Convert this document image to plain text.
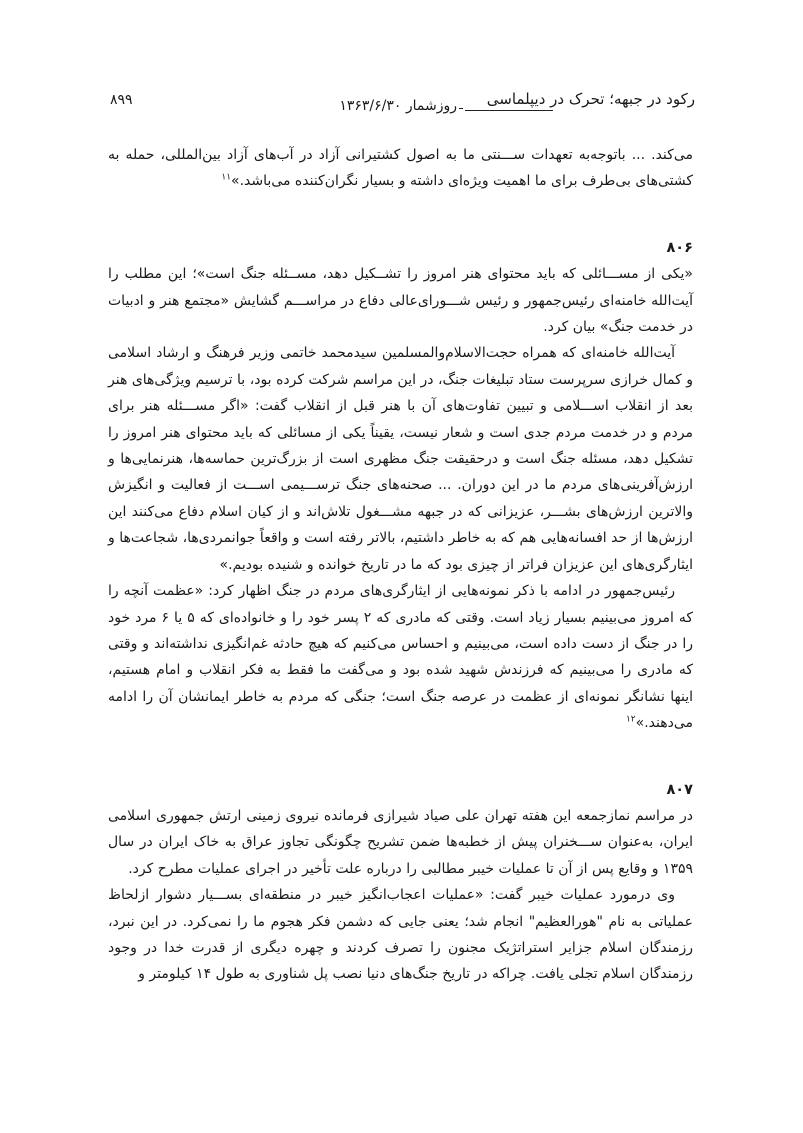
رکود در جبهه؛ تحرک در دیپلماسی
روزشمار ۱۳۶۳/۶/۳۰
۸۹۹

می‌کند. ... باتوجه‌به تعهدات ســـنتی ما به اصول کشتیرانی آزاد در آب‌های آزاد بین‌المللی، حمله به کشتی‌های بی‌طرف برای ما اهمیت ویژه‌ای داشته و بسیار نگران‌کننده می‌باشد.»$^{۱۱}$

۸۰۶

«یکی از مســـائلی که باید محتوای هنر امروز را تشــکیل دهد، مســئله جنگ است»؛ این مطلب را آیت‌الله خامنه‌ای رئیس‌جمهور و رئیس شـــورای‌عالی دفاع در مراســـم گشایش «مجتمع هنر و ادبیات در خدمت جنگ» بیان کرد.

آیت‌الله خامنه‌ای که همراه حجت‌الاسلام‌والمسلمین سیدمحمد خاتمی وزیر فرهنگ و ارشاد اسلامی و کمال خرازی سرپرست ستاد تبلیغات جنگ، در این مراسم شرکت کرده بود، با ترسیم ویژگی‌های هنر بعد از انقلاب اســـلامی و تبیین تفاوت‌های آن با هنر قبل از انقلاب گفت: «اگر مســـئله هنر برای مردم و در خدمت مردم جدی است و شعار نیست، یقیناً یکی از مسائلی که باید محتوای هنر امروز را تشکیل دهد، مسئله جنگ است و درحقیقت جنگ مظهری است از بزرگ‌ترین حماسه‌ها، هنرنمایی‌ها و ارزش‌آفرینی‌های مردم ما در این دوران. ... صحنه‌های جنگ ترســـیمی اســـت از فعالیت و انگیزش والاترین ارزش‌های بشـــر، عزیزانی که در جبهه مشـــغول تلاش‌اند و از کیان اسلام دفاع می‌کنند این ارزش‌ها از حد افسانه‌هایی هم که به خاطر داشتیم، بالاتر رفته است و واقعاً جوانمردی‌ها، شجاعت‌ها و ایثارگری‌های این عزیزان فراتر از چیزی بود که ما در تاریخ خوانده و شنیده بودیم.»

رئیس‌جمهور در ادامه با ذکر نمونه‌هایی از ایثارگری‌های مردم در جنگ اظهار کرد: «عظمت آنچه را که امروز می‌بینیم بسیار زیاد است. وقتی که مادری که ۲ پسر خود را و خانواده‌ای که ۵ یا ۶ مرد خود را در جنگ از دست داده است، می‌بینیم و احساس می‌کنیم که هیچ حادثه غم‌انگیزی نداشته‌اند و وقتی که مادری را می‌بینیم که فرزندش شهید شده بود و می‌گفت ما فقط به فکر انقلاب و امام هستیم، اینها نشانگر نمونه‌ای از عظمت در عرصه جنگ است؛ جنگی که مردم به خاطر ایمانشان آن را ادامه می‌دهند.»$^{۱۲}$

۸۰۷

در مراسم نمازجمعه این هفته تهران علی صیاد شیرازی فرمانده نیروی زمینی ارتش جمهوری اسلامی ایران، به‌عنوان ســـخنران پیش از خطبه‌ها ضمن تشریح چگونگی تجاوز عراق به خاک ایران در سال ۱۳۵۹ و وقایع پس از آن تا عملیات خیبر مطالبی را درباره علت تأخیر در اجرای عملیات مطرح کرد.

وی درمورد عملیات خیبر گفت: «عملیات اعجاب‌انگیز خیبر در منطقه‌ای بســـیار دشوار ازلحاظ عملیاتی به نام "هورالعظیم" انجام شد؛ یعنی جایی که دشمن فکر هجوم ما را نمی‌کرد. در این نبرد، رزمندگان اسلام جزایر استراتژیک مجنون را تصرف کردند و چهره دیگری از قدرت خدا در وجود رزمندگان اسلام تجلی یافت. چراکه در تاریخ جنگ‌های دنیا نصب پل شناوری به طول ۱۴ کیلومتر و
